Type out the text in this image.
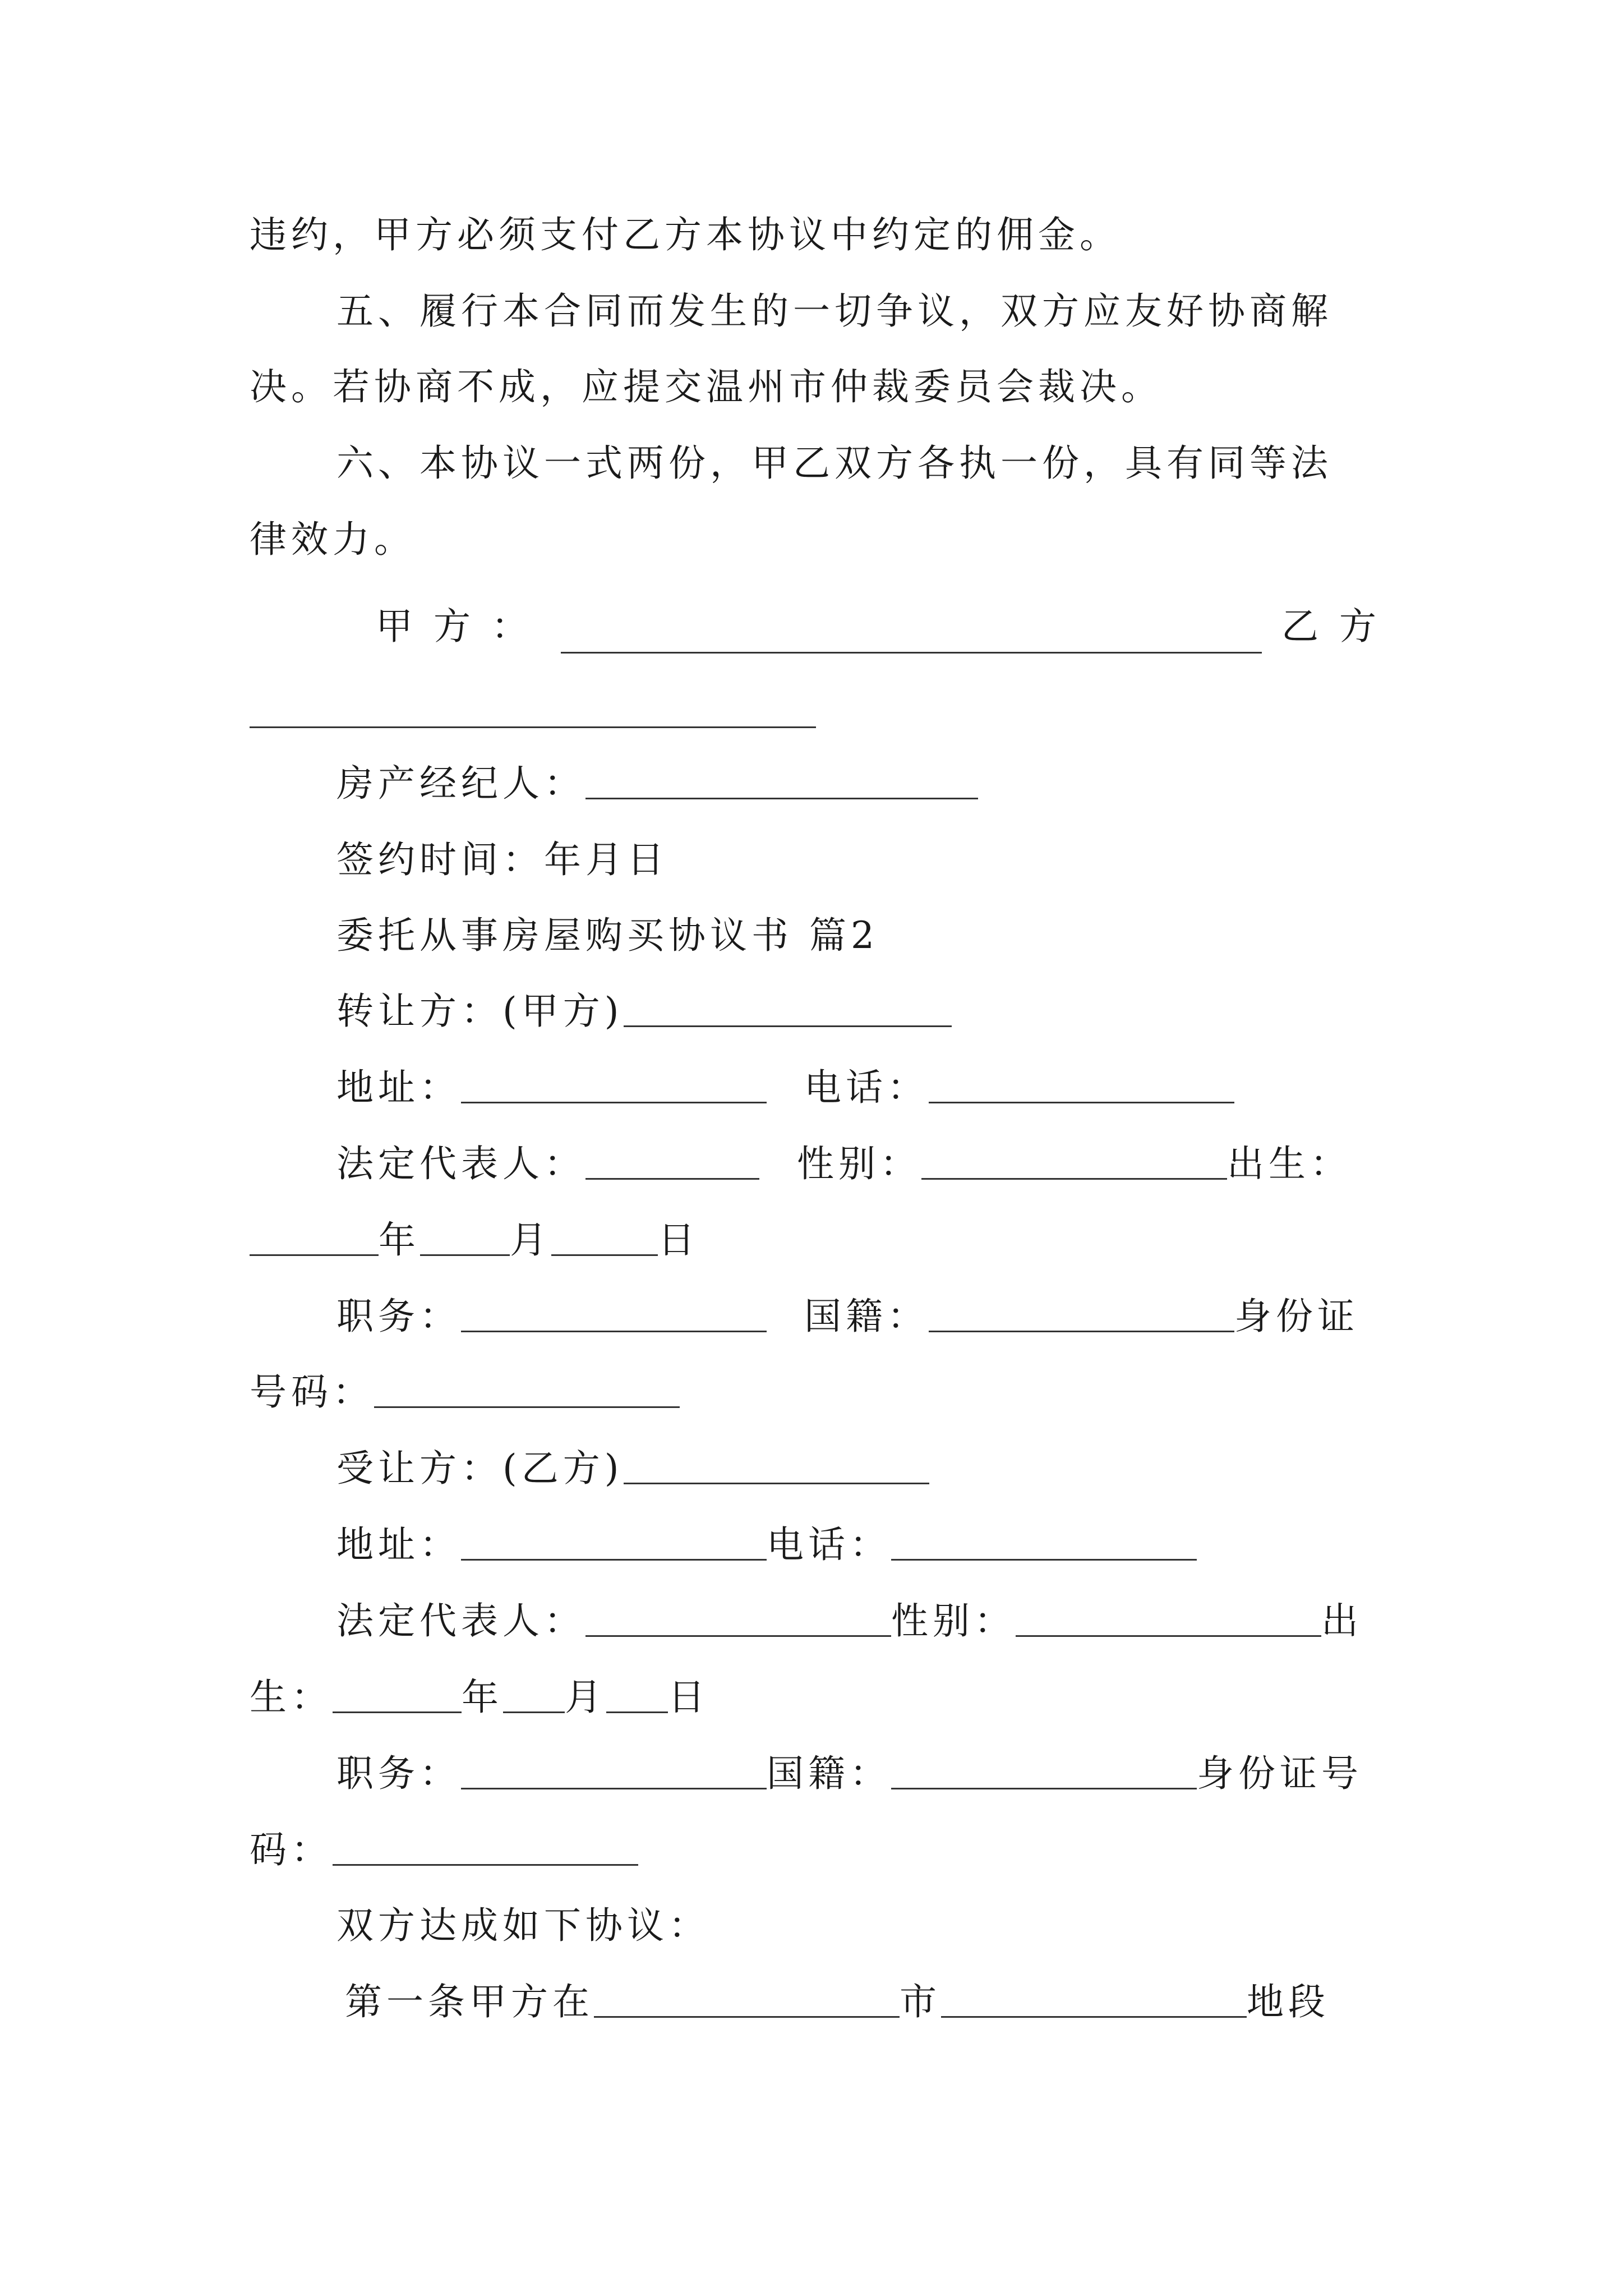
违约，甲方必须支付乙方本协议中约定的佣金。
五、履行本合同而发生的一切争议，双方应友好协商解
决。若协商不成，应提交温州市仲裁委员会裁决。
六、本协议一式两份，甲乙双方各执一份，具有同等法
律效力。
甲 方 ：	乙 方
房产经纪人：
签约时间：年月日
委托从事房屋购买协议书 篇2
转让方：(甲方)
地址：	电话：
法定代表人：	性别：	出生：
年 月	日
职务：	国籍：	身份证
号码：
受让方：(乙方)
地址：	电话：
法定代表人：	性别：	出
生：	年 月 日
职务：	国籍：	身份证号
码：
双方达成如下协议：
第一条甲方在	市	地段
